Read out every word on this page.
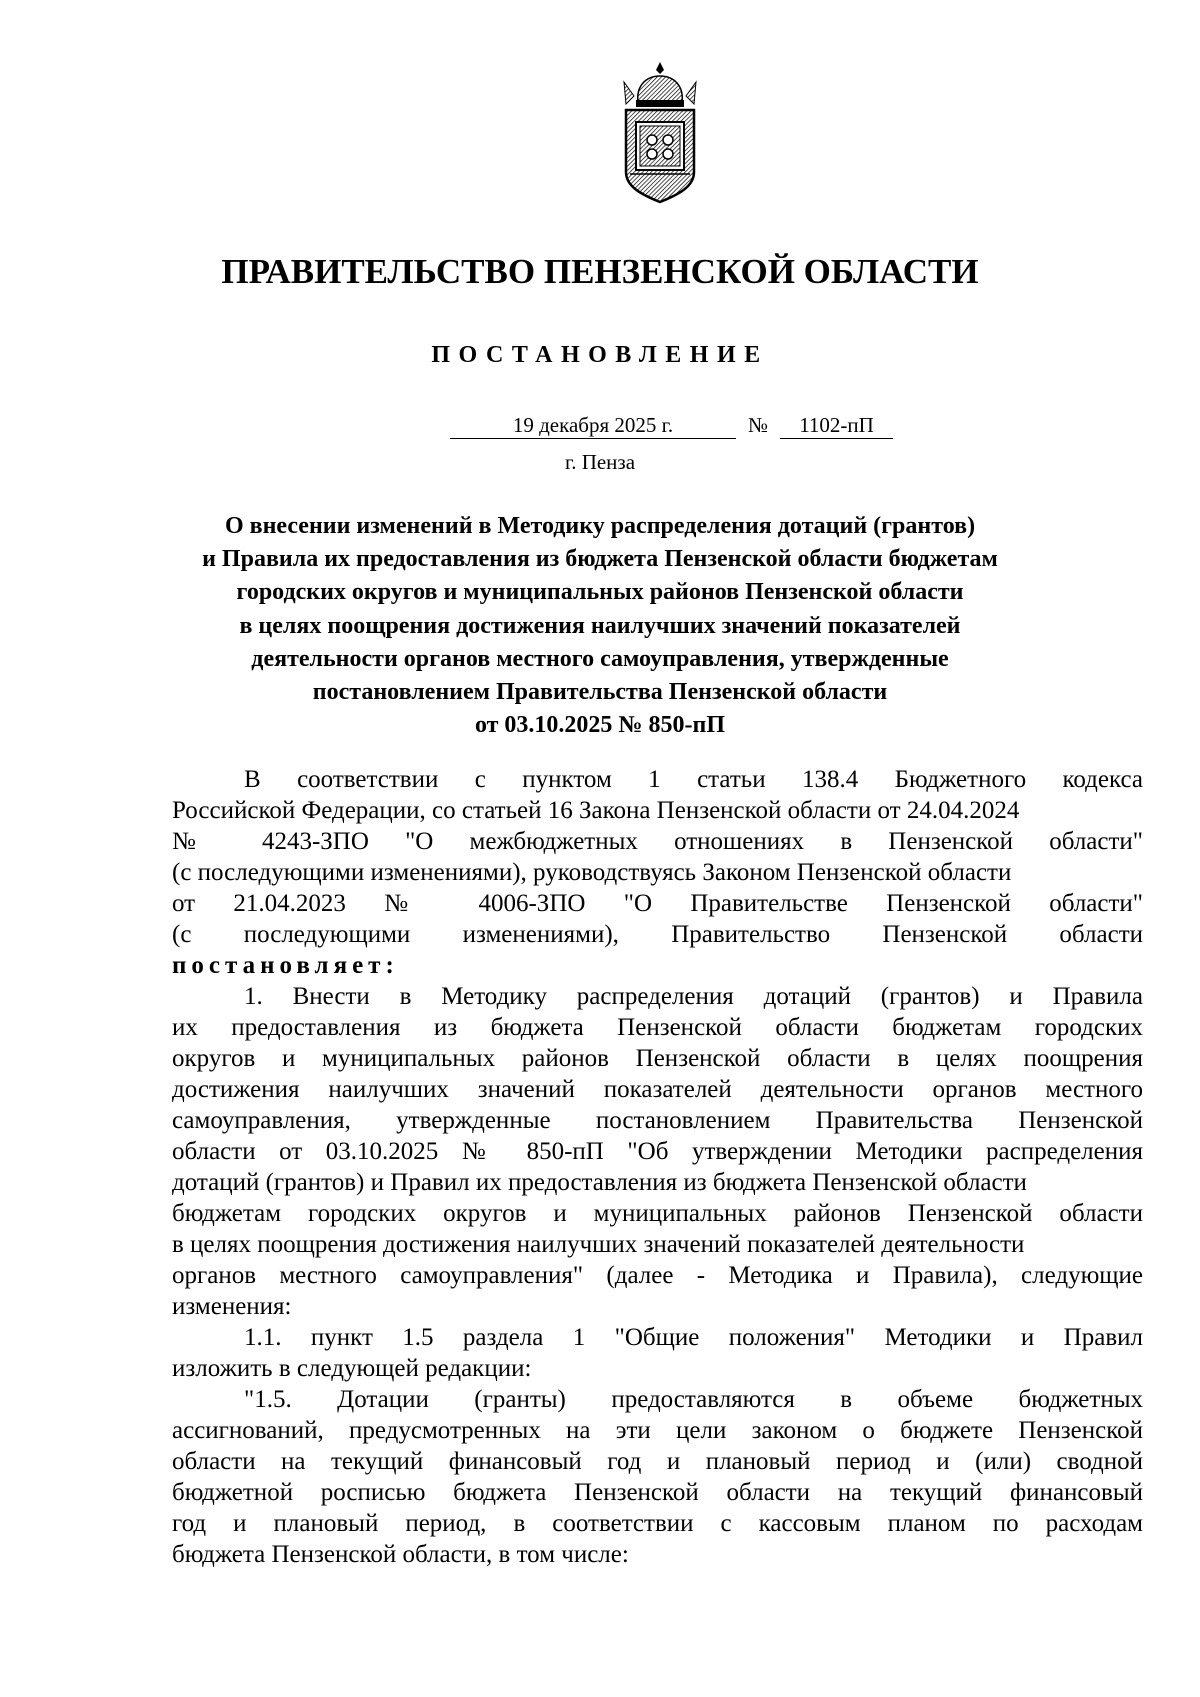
ПРАВИТЕЛЬСТВО ПЕНЗЕНСКОЙ ОБЛАСТИ
ПОСТАНОВЛЕНИЕ
19 декабря 2025 г.	№	1102-пП
г. Пенза
О внесении изменений в Методику распределения дотаций (грантов)
и Правила их предоставления из бюджета Пензенской области бюджетам
городских округов и муниципальных районов Пензенской области
в целях поощрения достижения наилучших значений показателей
деятельности органов местного самоуправления, утвержденные
постановлением Правительства Пензенской области
от 03.10.2025 № 850-пП
В соответствии с пунктом 1 статьи 138.4 Бюджетного кодекса
Российской Федерации, со статьей 16 Закона Пензенской области от 24.04.2024
№ 4243-ЗПО "О межбюджетных отношениях в Пензенской области"
(с последующими изменениями), руководствуясь Законом Пензенской области
от 21.04.2023 № 4006-ЗПО "О Правительстве Пензенской области"
(с последующими изменениями), Правительство Пензенской области
постановляет:
1. Внести в Методику распределения дотаций (грантов) и Правила
их предоставления из бюджета Пензенской области бюджетам городских
округов и муниципальных районов Пензенской области в целях поощрения
достижения наилучших значений показателей деятельности органов местного
самоуправления, утвержденные постановлением Правительства Пензенской
области от 03.10.2025 № 850-пП "Об утверждении Методики распределения
дотаций (грантов) и Правил их предоставления из бюджета Пензенской области
бюджетам городских округов и муниципальных районов Пензенской области
в целях поощрения достижения наилучших значений показателей деятельности
органов местного самоуправления" (далее - Методика и Правила), следующие
изменения:
1.1. пункт 1.5 раздела 1 "Общие положения" Методики и Правил
изложить в следующей редакции:
"1.5. Дотации (гранты) предоставляются в объеме бюджетных
ассигнований, предусмотренных на эти цели законом о бюджете Пензенской
области на текущий финансовый год и плановый период и (или) сводной
бюджетной росписью бюджета Пензенской области на текущий финансовый
год и плановый период, в соответствии с кассовым планом по расходам
бюджета Пензенской области, в том числе:
